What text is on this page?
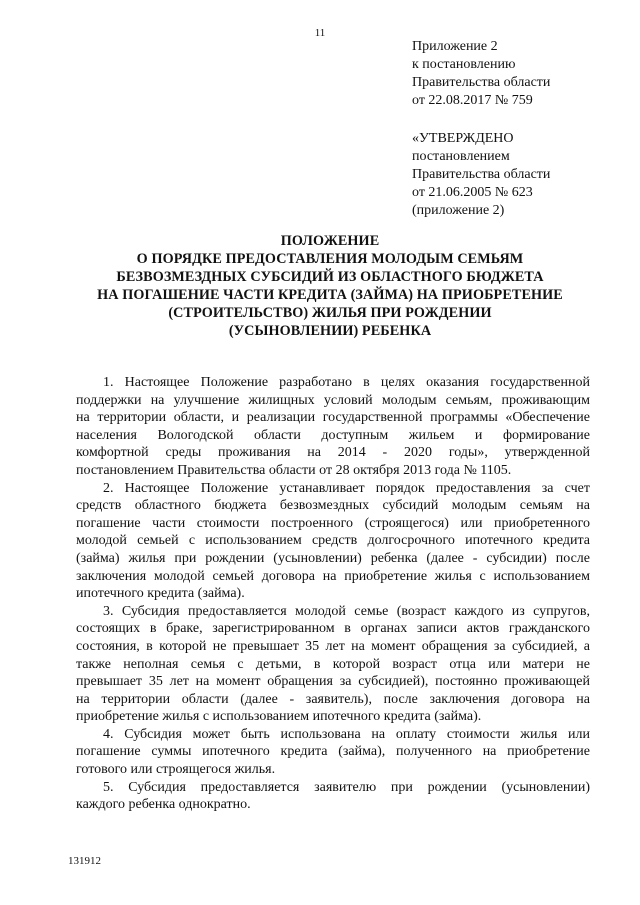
11
Приложение 2
к постановлению
Правительства области
от 22.08.2017 № 759
«УТВЕРЖДЕНО
постановлением
Правительства области
от 21.06.2005 № 623
(приложение 2)
ПОЛОЖЕНИЕ
О ПОРЯДКЕ ПРЕДОСТАВЛЕНИЯ МОЛОДЫМ СЕМЬЯМ
БЕЗВОЗМЕЗДНЫХ СУБСИДИЙ ИЗ ОБЛАСТНОГО БЮДЖЕТА
НА ПОГАШЕНИЕ ЧАСТИ КРЕДИТА (ЗАЙМА) НА ПРИОБРЕТЕНИЕ
(СТРОИТЕЛЬСТВО) ЖИЛЬЯ ПРИ РОЖДЕНИИ
(УСЫНОВЛЕНИИ) РЕБЕНКА

1. Настоящее Положение разработано в целях оказания государственной
поддержки на улучшение жилищных условий молодым семьям, проживающим
на территории области, и реализации государственной программы «Обеспечение
населения Вологодской области доступным жильем и формирование
комфортной среды проживания на 2014 - 2020 годы», утвержденной
постановлением Правительства области от 28 октября 2013 года № 1105.

2. Настоящее Положение устанавливает порядок предоставления за счет
средств областного бюджета безвозмездных субсидий молодым семьям на
погашение части стоимости построенного (строящегося) или приобретенного
молодой семьей с использованием средств долгосрочного ипотечного кредита
(займа) жилья при рождении (усыновлении) ребенка (далее - субсидии) после
заключения молодой семьей договора на приобретение жилья с использованием
ипотечного кредита (займа).

3. Субсидия предоставляется молодой семье (возраст каждого из супругов,
состоящих в браке, зарегистрированном в органах записи актов гражданского
состояния, в которой не превышает 35 лет на момент обращения за субсидией, а
также неполная семья с детьми, в которой возраст отца или матери не
превышает 35 лет на момент обращения за субсидией), постоянно проживающей
на территории области (далее - заявитель), после заключения договора на
приобретение жилья с использованием ипотечного кредита (займа).

4. Субсидия может быть использована на оплату стоимости жилья или
погашение суммы ипотечного кредита (займа), полученного на приобретение
готового или строящегося жилья.

5. Субсидия предоставляется заявителю при рождении (усыновлении)
каждого ребенка однократно.

131912
